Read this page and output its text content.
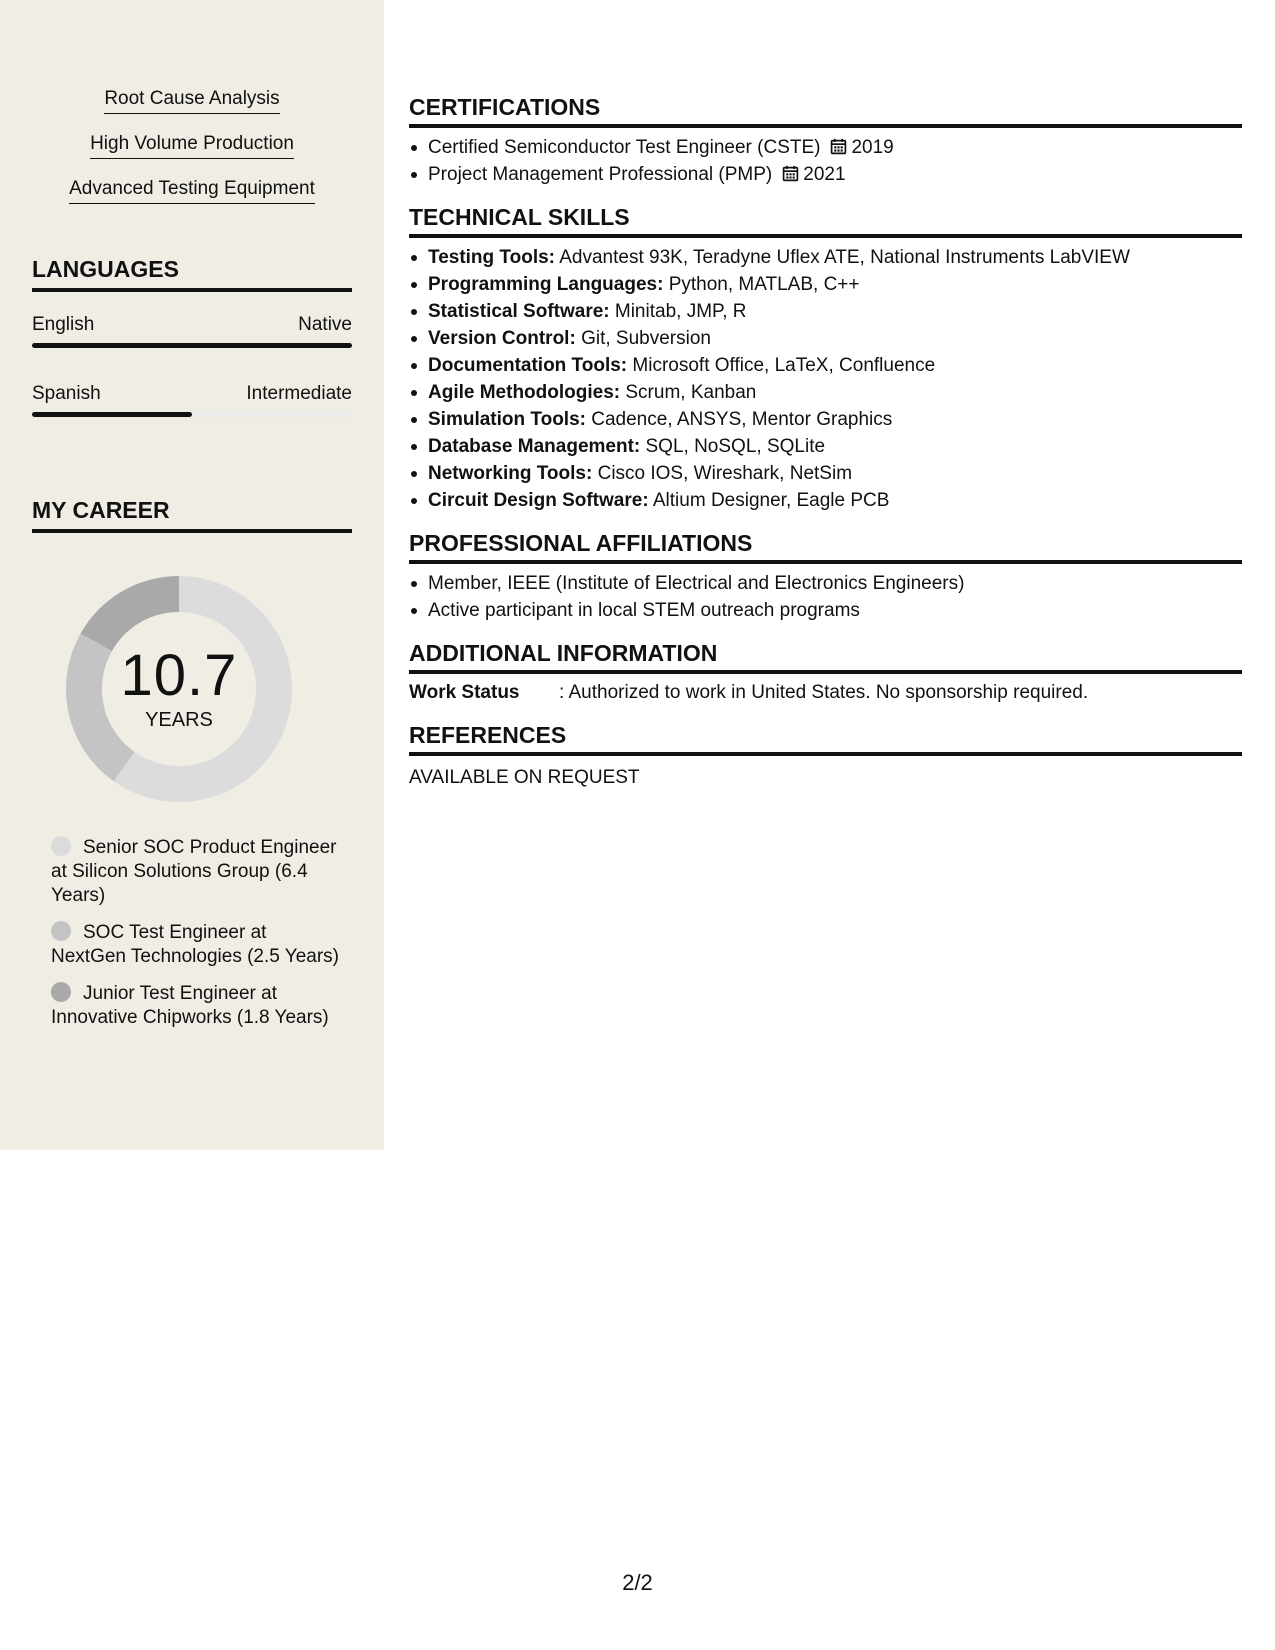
Root Cause Analysis
High Volume Production
Advanced Testing Equipment
LANGUAGES
English	Native
Spanish	Intermediate
MY CAREER
10.7
YEARS
Senior SOC Product Engineer at Silicon Solutions Group (6.4 Years)
SOC Test Engineer at NextGen Technologies (2.5 Years)
Junior Test Engineer at Innovative Chipworks (1.8 Years)
CERTIFICATIONS
Certified Semiconductor Test Engineer (CSTE) 2019
Project Management Professional (PMP) 2021
TECHNICAL SKILLS
Testing Tools: Advantest 93K, Teradyne Uflex ATE, National Instruments LabVIEW
Programming Languages: Python, MATLAB, C++
Statistical Software: Minitab, JMP, R
Version Control: Git, Subversion
Documentation Tools: Microsoft Office, LaTeX, Confluence
Agile Methodologies: Scrum, Kanban
Simulation Tools: Cadence, ANSYS, Mentor Graphics
Database Management: SQL, NoSQL, SQLite
Networking Tools: Cisco IOS, Wireshark, NetSim
Circuit Design Software: Altium Designer, Eagle PCB
PROFESSIONAL AFFILIATIONS
Member, IEEE (Institute of Electrical and Electronics Engineers)
Active participant in local STEM outreach programs
ADDITIONAL INFORMATION
Work Status	: Authorized to work in United States. No sponsorship required.
REFERENCES
AVAILABLE ON REQUEST
2/2
